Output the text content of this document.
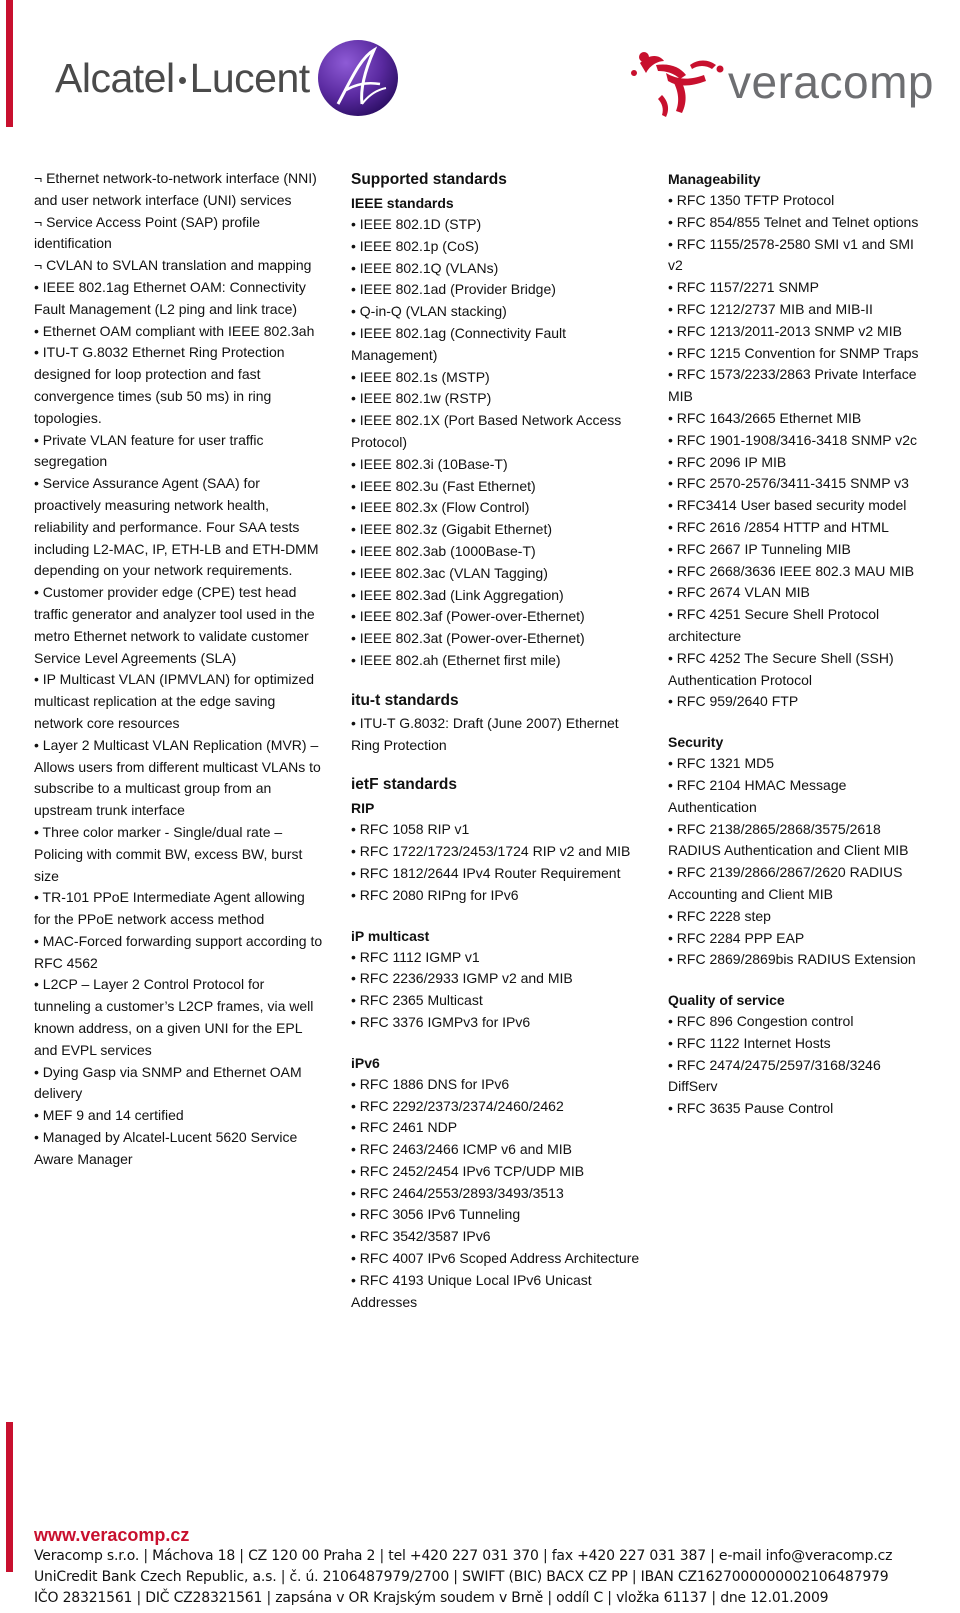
Alcatel Lucent	veracomp

¬ Ethernet network-to-network interface (NNI) and user network interface (UNI) services

¬ Service Access Point (SAP) profile identification

¬ CVLAN to SVLAN translation and mapping

• IEEE 802.1ag Ethernet OAM: Connectivity Fault Management (L2 ping and link trace)

• Ethernet OAM compliant with IEEE 802.3ah

• ITU-T G.8032 Ethernet Ring Protection designed for loop protection and fast convergence times (sub 50 ms) in ring topologies.

• Private VLAN feature for user traffic segregation

• Service Assurance Agent (SAA) for proactively measuring network health, reliability and performance. Four SAA tests including L2-MAC, IP, ETH-LB and ETH-DMM depending on your network requirements.

• Customer provider edge (CPE) test head traffic generator and analyzer tool used in the metro Ethernet network to validate customer Service Level Agreements (SLA)

• IP Multicast VLAN (IPMVLAN) for optimized multicast replication at the edge saving network core resources

• Layer 2 Multicast VLAN Replication (MVR) – Allows users from different multicast VLANs to subscribe to a multicast group from an upstream trunk interface

• Three color marker - Single/dual rate – Policing with commit BW, excess BW, burst size

• TR-101 PPoE Intermediate Agent allowing for the PPoE network access method

• MAC-Forced forwarding support according to RFC 4562

• L2CP – Layer 2 Control Protocol for tunneling a customer’s L2CP frames, via well known address, on a given UNI for the EPL and EVPL services

• Dying Gasp via SNMP and Ethernet OAM delivery

• MEF 9 and 14 certified

• Managed by Alcatel-Lucent 5620 Service Aware Manager

Supported standards

IEEE standards

• IEEE 802.1D (STP)

• IEEE 802.1p (CoS)

• IEEE 802.1Q (VLANs)

• IEEE 802.1ad (Provider Bridge)

• Q-in-Q (VLAN stacking)

• IEEE 802.1ag (Connectivity Fault Management)

• IEEE 802.1s (MSTP)

• IEEE 802.1w (RSTP)

• IEEE 802.1X (Port Based Network Access Protocol)

• IEEE 802.3i (10Base-T)

• IEEE 802.3u (Fast Ethernet)

• IEEE 802.3x (Flow Control)

• IEEE 802.3z (Gigabit Ethernet)

• IEEE 802.3ab (1000Base-T)

• IEEE 802.3ac (VLAN Tagging)

• IEEE 802.3ad (Link Aggregation)

• IEEE 802.3af (Power-over-Ethernet)

• IEEE 802.3at (Power-over-Ethernet)

• IEEE 802.ah (Ethernet first mile)

itu-t standards

• ITU-T G.8032: Draft (June 2007) Ethernet Ring Protection

ietF standards

RIP

• RFC 1058 RIP v1

• RFC 1722/1723/2453/1724 RIP v2 and MIB

• RFC 1812/2644 IPv4 Router Requirement

• RFC 2080 RIPng for IPv6

iP multicast

• RFC 1112 IGMP v1

• RFC 2236/2933 IGMP v2 and MIB

• RFC 2365 Multicast

• RFC 3376 IGMPv3 for IPv6

iPv6

• RFC 1886 DNS for IPv6

• RFC 2292/2373/2374/2460/2462

• RFC 2461 NDP

• RFC 2463/2466 ICMP v6 and MIB

• RFC 2452/2454 IPv6 TCP/UDP MIB

• RFC 2464/2553/2893/3493/3513

• RFC 3056 IPv6 Tunneling

• RFC 3542/3587 IPv6

• RFC 4007 IPv6 Scoped Address Architecture

• RFC 4193 Unique Local IPv6 Unicast Addresses

Manageability

• RFC 1350 TFTP Protocol

• RFC 854/855 Telnet and Telnet options

• RFC 1155/2578-2580 SMI v1 and SMI v2

• RFC 1157/2271 SNMP

• RFC 1212/2737 MIB and MIB-II

• RFC 1213/2011-2013 SNMP v2 MIB

• RFC 1215 Convention for SNMP Traps

• RFC 1573/2233/2863 Private Interface MIB

• RFC 1643/2665 Ethernet MIB

• RFC 1901-1908/3416-3418 SNMP v2c

• RFC 2096 IP MIB

• RFC 2570-2576/3411-3415 SNMP v3

• RFC3414 User based security model

• RFC 2616 /2854 HTTP and HTML

• RFC 2667 IP Tunneling MIB

• RFC 2668/3636 IEEE 802.3 MAU MIB

• RFC 2674 VLAN MIB

• RFC 4251 Secure Shell Protocol architecture

• RFC 4252 The Secure Shell (SSH) Authentication Protocol

• RFC 959/2640 FTP

Security

• RFC 1321 MD5

• RFC 2104 HMAC Message Authentication

• RFC 2138/2865/2868/3575/2618 RADIUS Authentication and Client MIB

• RFC 2139/2866/2867/2620 RADIUS Accounting and Client MIB

• RFC 2228 step

• RFC 2284 PPP EAP

• RFC 2869/2869bis RADIUS Extension

Quality of service

• RFC 896 Congestion control

• RFC 1122 Internet Hosts

• RFC 2474/2475/2597/3168/3246 DiffServ

• RFC 3635 Pause Control

www.veracomp.cz
Veracomp s.r.o. | Máchova 18 | CZ 120 00 Praha 2 | tel +420 227 031 370 | fax +420 227 031 387 | e-mail info@veracomp.cz
UniCredit Bank Czech Republic, a.s. | č. ú. 2106487979/2700 | SWIFT (BIC) BACX CZ PP | IBAN CZ1627000000002106487979
IČO 28321561 | DIČ CZ28321561 | zapsána v OR Krajským soudem v Brně | oddíl C | vložka 61137 | dne 12.01.2009
